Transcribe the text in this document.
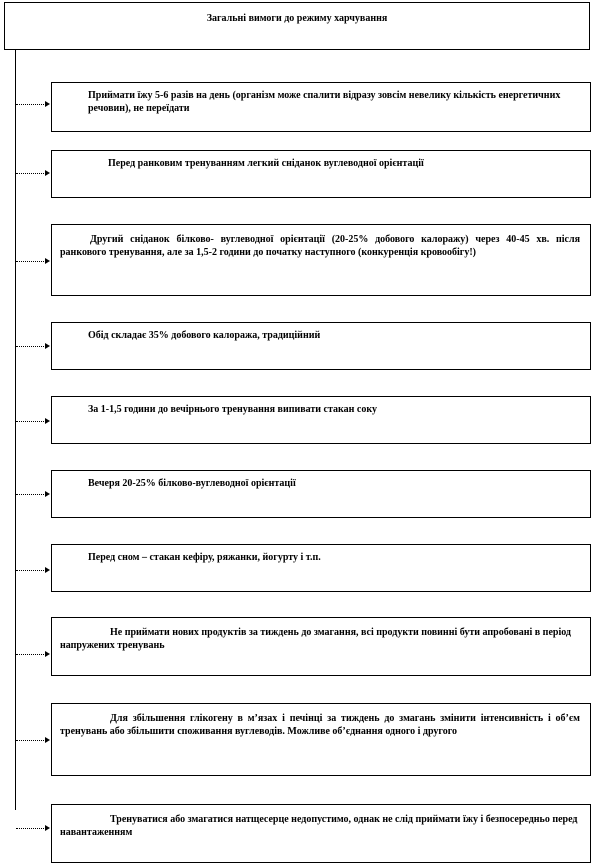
Загальні вимоги до режиму харчування
Приймати їжу 5-6 разів на день (організм може спалити відразу зовсім невелику кількість енергетичних речовин), не переїдати
Перед ранковим тренуванням легкий сніданок вуглеводної орієнтації
Другий сніданок білково- вуглеводної орієнтації (20-25% добового калоражу) через 40-45 хв. після ранкового тренування, але за 1,5-2 години до початку наступного (конкуренція кровообігу!)
Обід складає 35% добового калоража, традиційний
За 1-1,5 години до вечірнього тренування випивати стакан соку
Вечеря 20-25% білково-вуглеводної орієнтації
Перед сном – стакан кефіру, ряжанки, йогурту і т.п.
Не приймати нових продуктів за тиждень до змагання, всі продукти повинні бути апробовані в період напружених тренувань
Для збільшення глікогену в м’язах і печінці за тиждень до змагань змінити інтенсивність і об’єм тренувань або збільшити споживання вуглеводів. Можливе об’єднання одного і другого
Тренуватися або змагатися натщесерце недопустимо, однак не слід приймати їжу і безпосередньо перед навантаженням
